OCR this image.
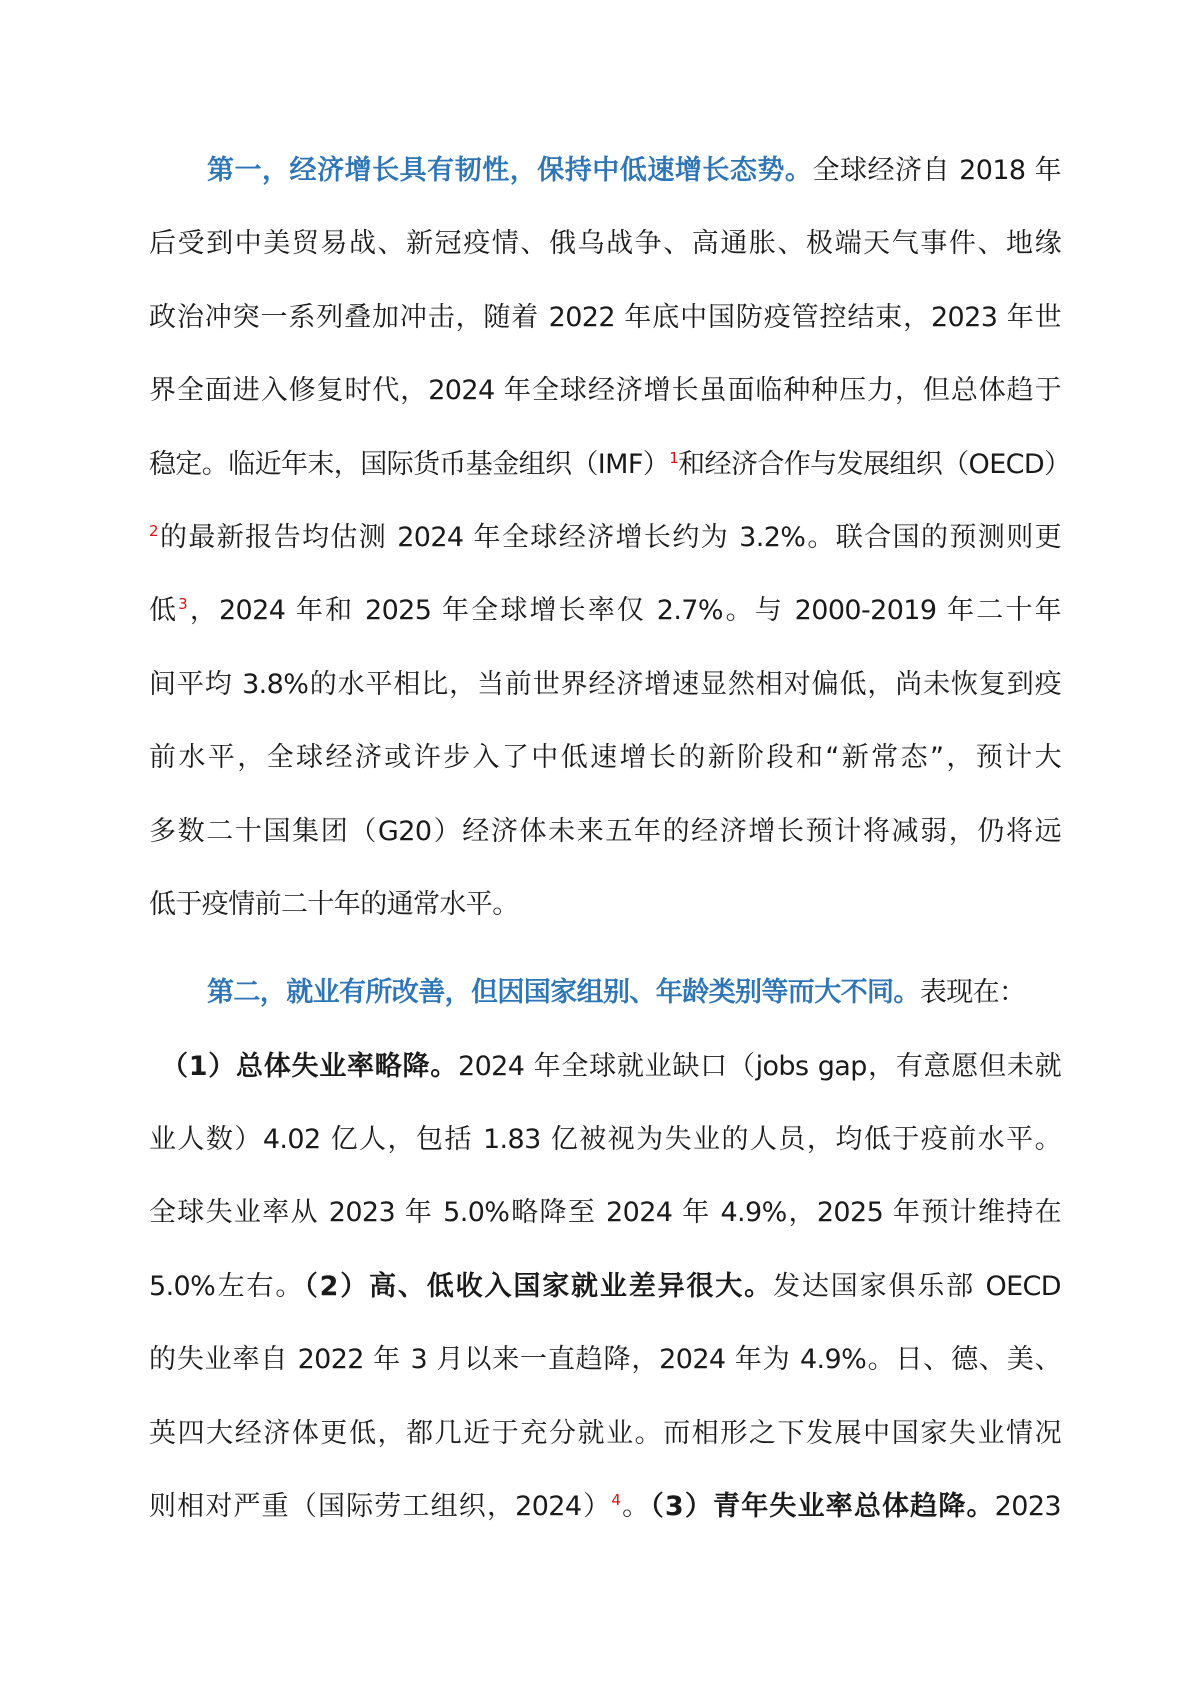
第一，经济增长具有韧性，保持中低速增长态势。全球经济自 2018 年
后受到中美贸易战、新冠疫情、俄乌战争、高通胀、极端天气事件、地缘
政治冲突一系列叠加冲击，随着 2022 年底中国防疫管控结束，2023 年世
界全面进入修复时代，2024 年全球经济增长虽面临种种压力，但总体趋于
稳定。临近年末，国际货币基金组织（IMF）$^1$和经济合作与发展组织（OECD）
$^2$的最新报告均估测 2024 年全球经济增长约为 3.2%。联合国的预测则更
低$^3$，2024 年和 2025 年全球增长率仅 2.7%。与 2000-2019 年二十年
间平均 3.8%的水平相比，当前世界经济增速显然相对偏低，尚未恢复到疫
前水平，全球经济或许步入了中低速增长的新阶段和“新常态”，预计大
多数二十国集团（G20）经济体未来五年的经济增长预计将减弱，仍将远
低于疫情前二十年的通常水平。
第二，就业有所改善，但因国家组别、年龄类别等而大不同。表现在：
（1）总体失业率略降。2024 年全球就业缺口（jobs gap，有意愿但未就
业人数）4.02 亿人，包括 1.83 亿被视为失业的人员，均低于疫前水平。
全球失业率从 2023 年 5.0%略降至 2024 年 4.9%，2025 年预计维持在
5.0%左右。（2）高、低收入国家就业差异很大。发达国家俱乐部 OECD
的失业率自 2022 年 3 月以来一直趋降，2024 年为 4.9%。日、德、美、
英四大经济体更低，都几近于充分就业。而相形之下发展中国家失业情况
则相对严重（国际劳工组织，2024）$^4$。（3）青年失业率总体趋降。2023
